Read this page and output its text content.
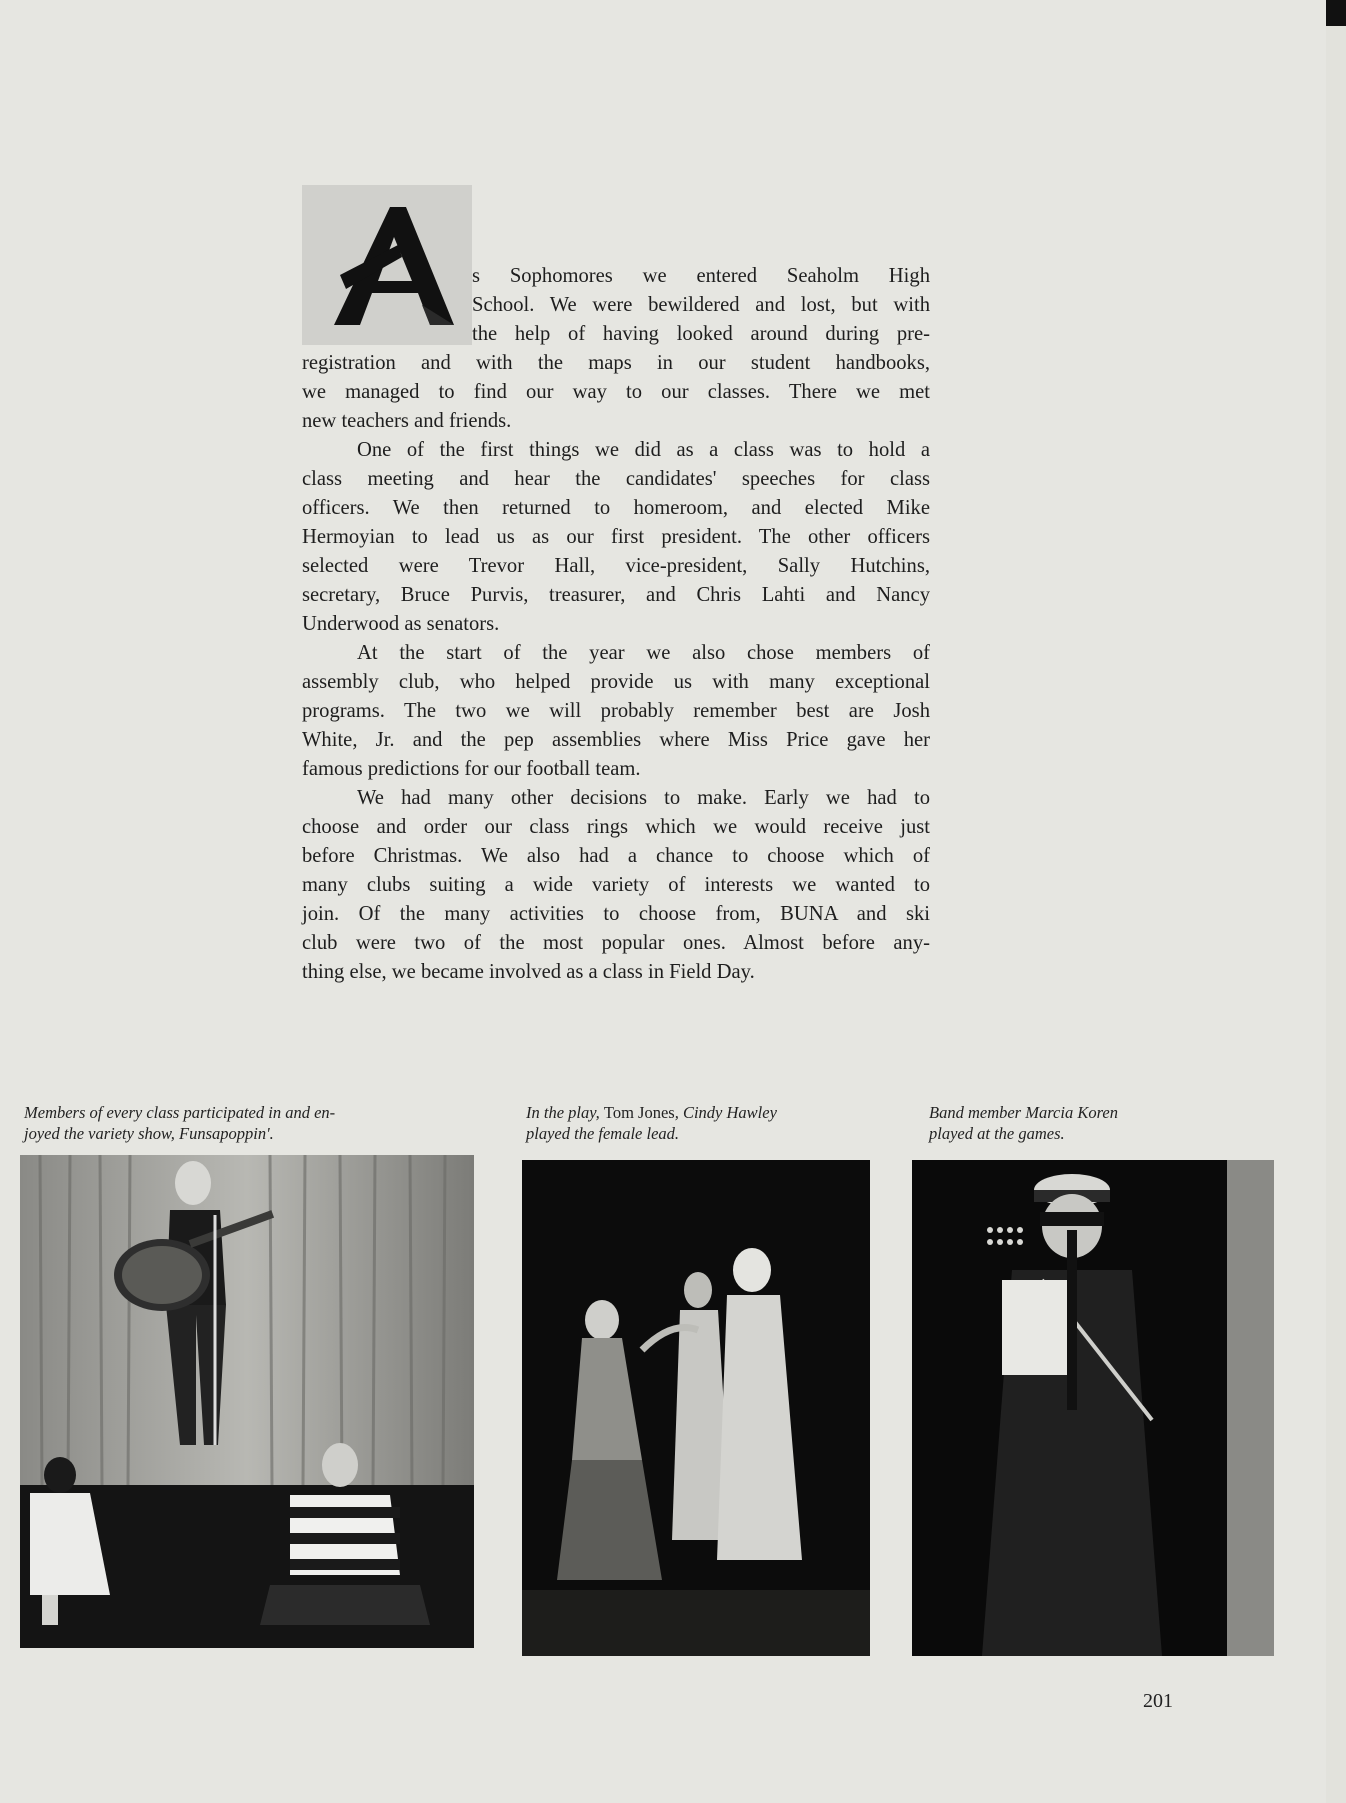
s Sophomores we entered Seaholm High
School. We were bewildered and lost, but with
the help of having looked around during pre-
registration and with the maps in our student handbooks,
we managed to find our way to our classes. There we met
new teachers and friends.

One of the first things we did as a class was to hold a
class meeting and hear the candidates' speeches for class
officers. We then returned to homeroom, and elected Mike
Hermoyian to lead us as our first president. The other officers
selected were Trevor Hall, vice-president, Sally Hutchins,
secretary, Bruce Purvis, treasurer, and Chris Lahti and Nancy
Underwood as senators.

At the start of the year we also chose members of
assembly club, who helped provide us with many exceptional
programs. The two we will probably remember best are Josh
White, Jr. and the pep assemblies where Miss Price gave her
famous predictions for our football team.

We had many other decisions to make. Early we had to
choose and order our class rings which we would receive just
before Christmas. We also had a chance to choose which of
many clubs suiting a wide variety of interests we wanted to
join. Of the many activities to choose from, BUNA and ski
club were two of the most popular ones. Almost before any-
thing else, we became involved as a class in Field Day.

Members of every class participated in and en-
joyed the variety show, Funsapoppin'.
In the play, Tom Jones, Cindy Hawley
played the female lead.
Band member Marcia Koren
played at the games.
201
